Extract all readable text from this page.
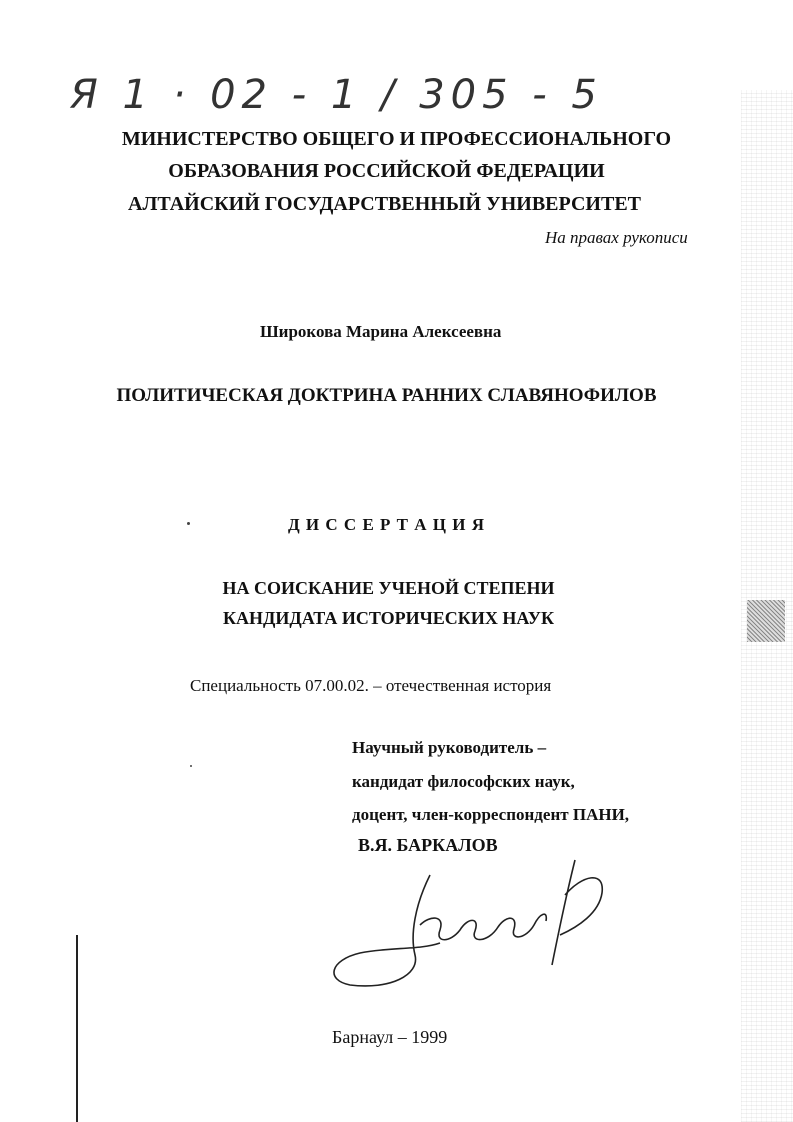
Я 1 · 02 - 1 / 305 - 5
МИНИСТЕРСТВО ОБЩЕГО И ПРОФЕССИОНАЛЬНОГО
ОБРАЗОВАНИЯ РОССИЙСКОЙ ФЕДЕРАЦИИ
АЛТАЙСКИЙ ГОСУДАРСТВЕННЫЙ УНИВЕРСИТЕТ
На правах рукописи
Широкова Марина Алексеевна
ПОЛИТИЧЕСКАЯ ДОКТРИНА РАННИХ СЛАВЯНОФИЛОВ
Д И С С Е Р Т А Ц И Я
НА СОИСКАНИЕ УЧЕНОЙ СТЕПЕНИ
КАНДИДАТА ИСТОРИЧЕСКИХ НАУК
Специальность 07.00.02. – отечественная история
Научный руководитель –
кандидат философских наук,
доцент, член-корреспондент ПАНИ,
В.Я. БАРКАЛОВ
Барнаул – 1999
